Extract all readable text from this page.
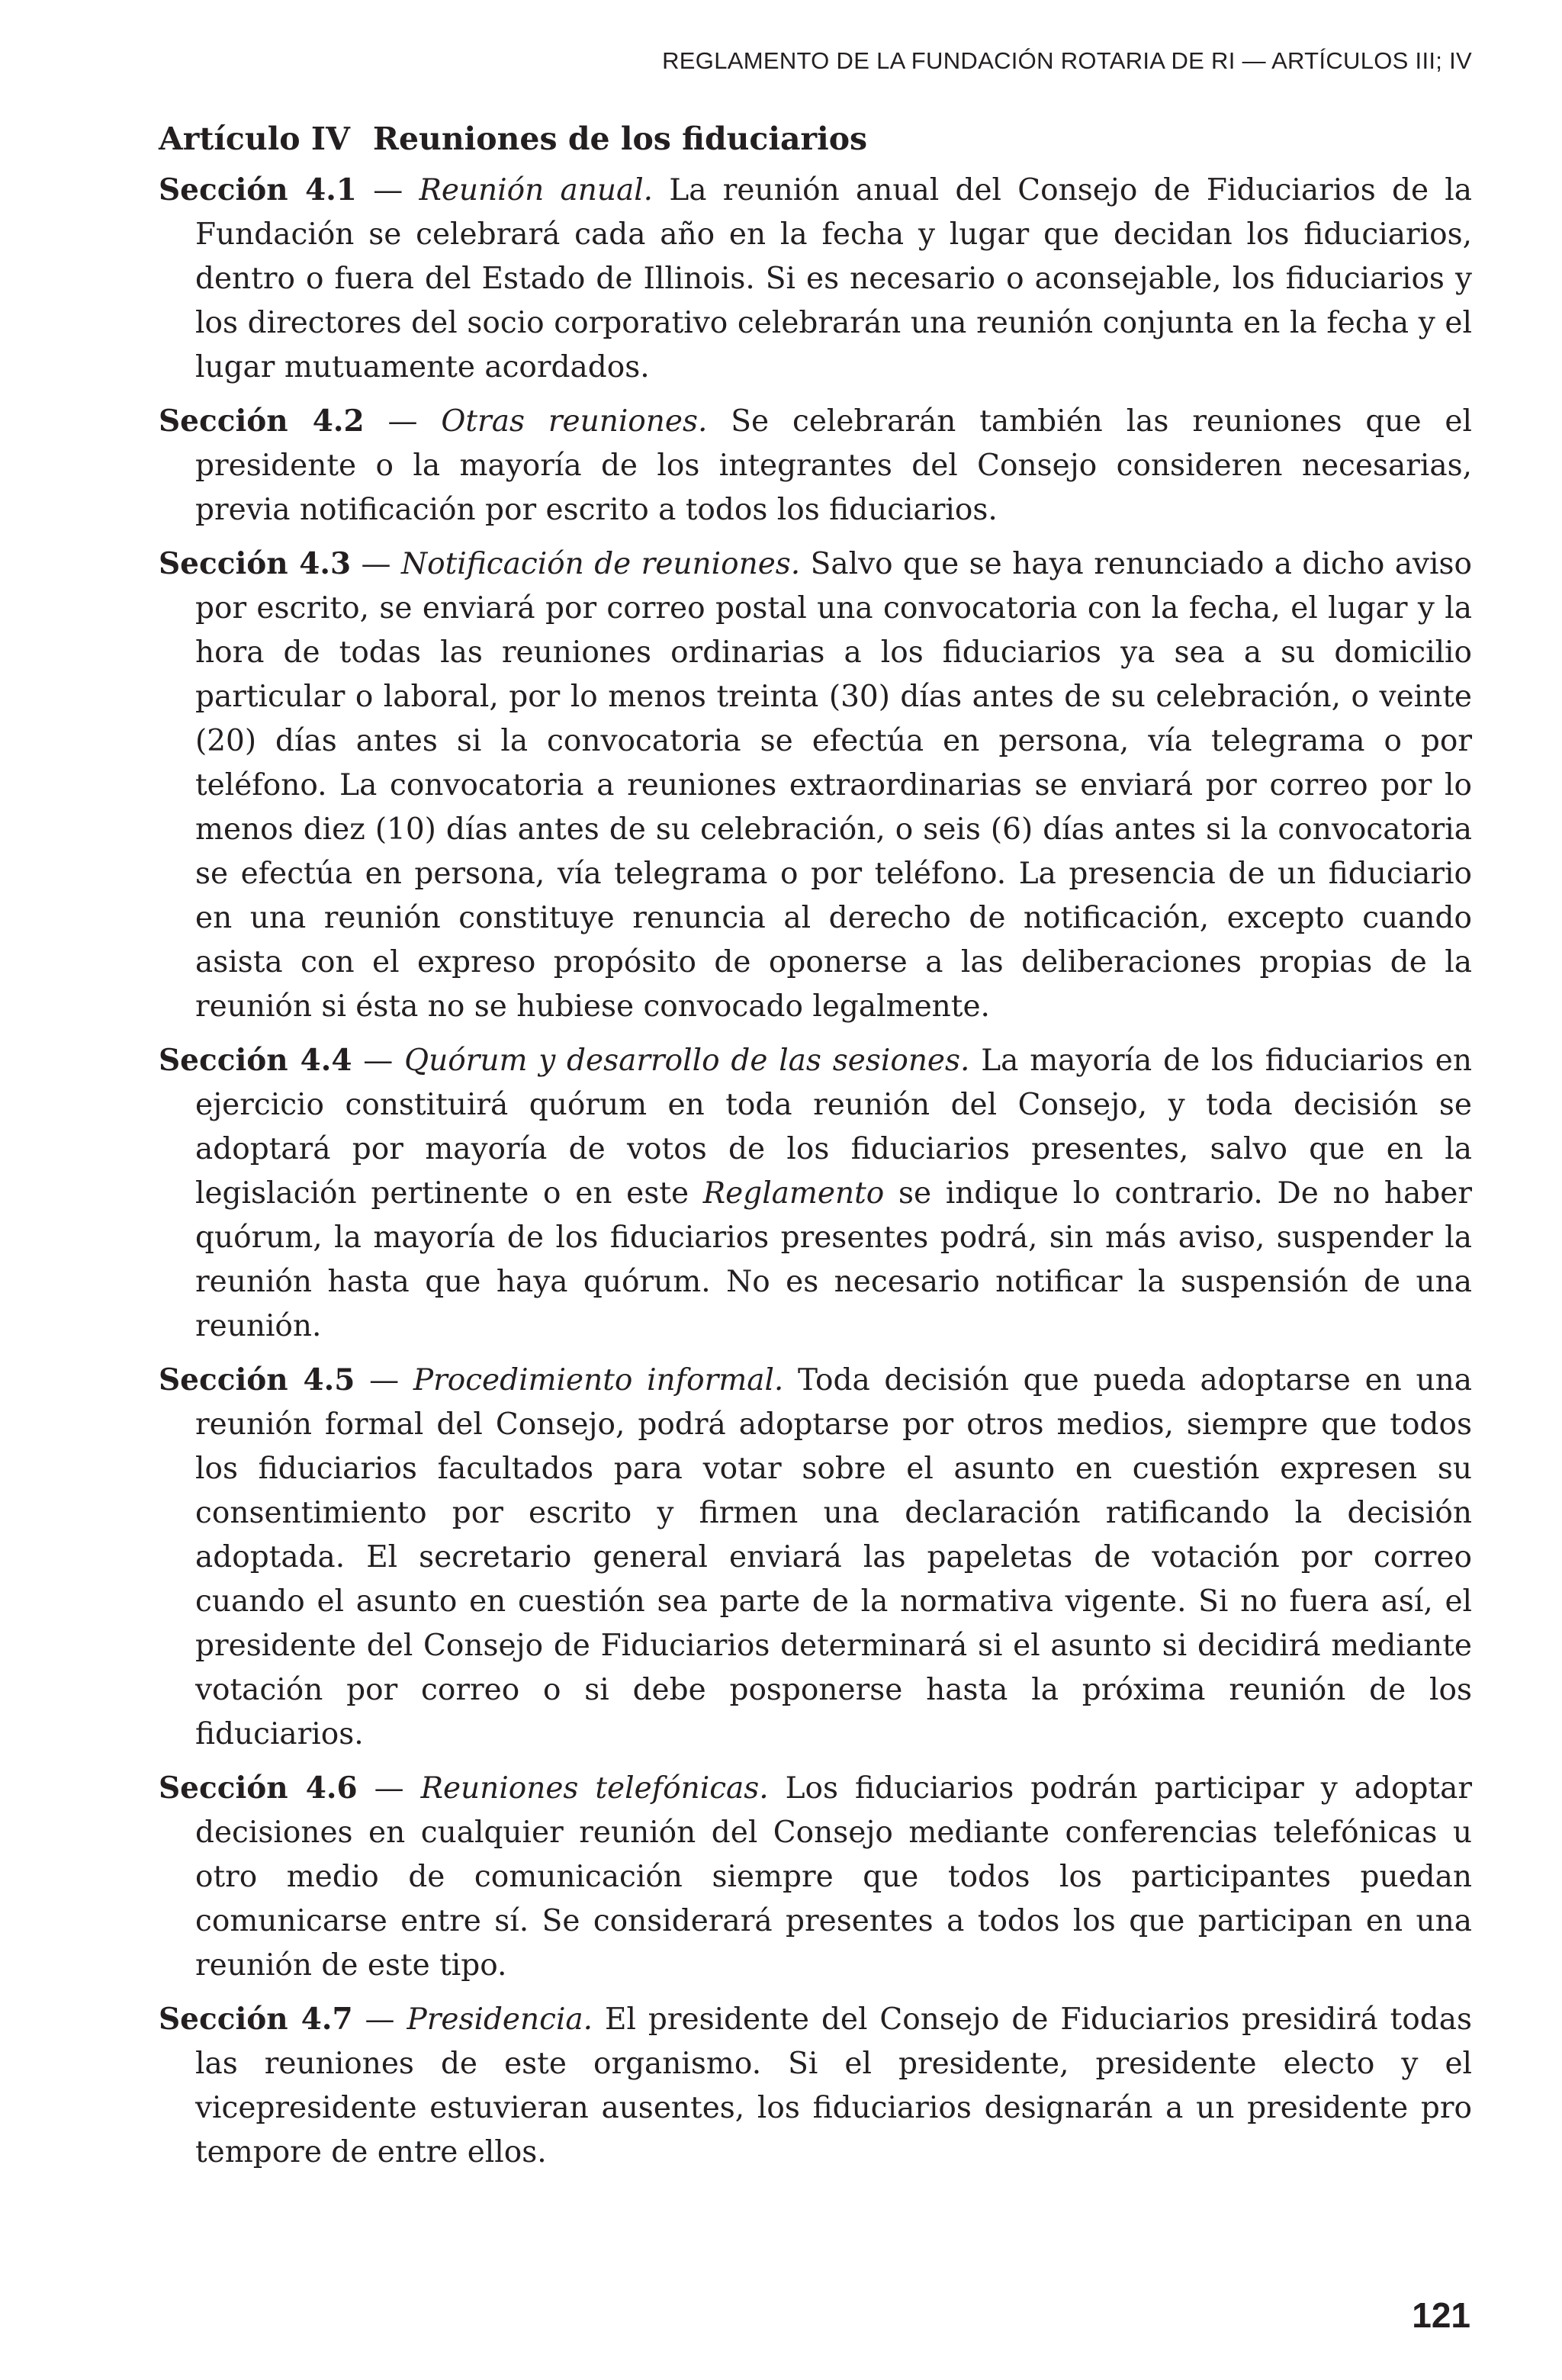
REGLAMENTO DE LA FUNDACIÓN ROTARIA DE RI — ARTÍCULOS III; IV
Artículo IV Reuniones de los fiduciarios

Sección 4.1 — Reunión anual. La reunión anual del Consejo de Fiduciarios de la Fundación se celebrará cada año en la fecha y lugar que decidan los fiduciarios, dentro o fuera del Estado de Illinois. Si es necesario o aconsejable, los fiduciarios y los directores del socio corporativo celebrarán una reunión conjunta en la fecha y el lugar mutuamente acordados.

Sección 4.2 — Otras reuniones. Se celebrarán también las reuniones que el presidente o la mayoría de los integrantes del Consejo consideren necesarias, previa notificación por escrito a todos los fiduciarios.

Sección 4.3 — Notificación de reuniones. Salvo que se haya renunciado a dicho aviso por escrito, se enviará por correo postal una convocatoria con la fecha, el lugar y la hora de todas las reuniones ordinarias a los fiduciarios ya sea a su domicilio particular o laboral, por lo menos treinta (30) días antes de su celebración, o veinte (20) días antes si la convocatoria se efectúa en persona, vía telegrama o por teléfono. La convocatoria a reuniones extraordinarias se enviará por correo por lo menos diez (10) días antes de su celebración, o seis (6) días antes si la convocatoria se efectúa en persona, vía telegrama o por teléfono. La presencia de un fiduciario en una reunión constituye renuncia al derecho de notificación, excepto cuando asista con el expreso propósito de oponerse a las deliberaciones propias de la reunión si ésta no se hubiese convocado legalmente.

Sección 4.4 — Quórum y desarrollo de las sesiones. La mayoría de los fiduciarios en ejercicio constituirá quórum en toda reunión del Consejo, y toda decisión se adoptará por mayoría de votos de los fiduciarios presentes, salvo que en la legislación pertinente o en este Reglamento se indique lo contrario. De no haber quórum, la mayoría de los fiduciarios presentes podrá, sin más aviso, suspender la reunión hasta que haya quórum. No es necesario notificar la suspensión de una reunión.

Sección 4.5 — Procedimiento informal. Toda decisión que pueda adoptarse en una reunión formal del Consejo, podrá adoptarse por otros medios, siempre que todos los fiduciarios facultados para votar sobre el asunto en cuestión expresen su consentimiento por escrito y firmen una declaración ratificando la decisión adoptada. El secretario general enviará las papeletas de votación por correo cuando el asunto en cuestión sea parte de la normativa vigente. Si no fuera así, el presidente del Consejo de Fiduciarios determinará si el asunto si decidirá mediante votación por correo o si debe posponerse hasta la próxima reunión de los fiduciarios.

Sección 4.6 — Reuniones telefónicas. Los fiduciarios podrán participar y adoptar decisiones en cualquier reunión del Consejo mediante conferencias telefónicas u otro medio de comunicación siempre que todos los participantes puedan comunicarse entre sí. Se considerará presentes a todos los que participan en una reunión de este tipo.

Sección 4.7 — Presidencia. El presidente del Consejo de Fiduciarios presidirá todas las reuniones de este organismo. Si el presidente, presidente electo y el vicepresidente estuvieran ausentes, los fiduciarios designarán a un presidente pro tempore de entre ellos.

121
